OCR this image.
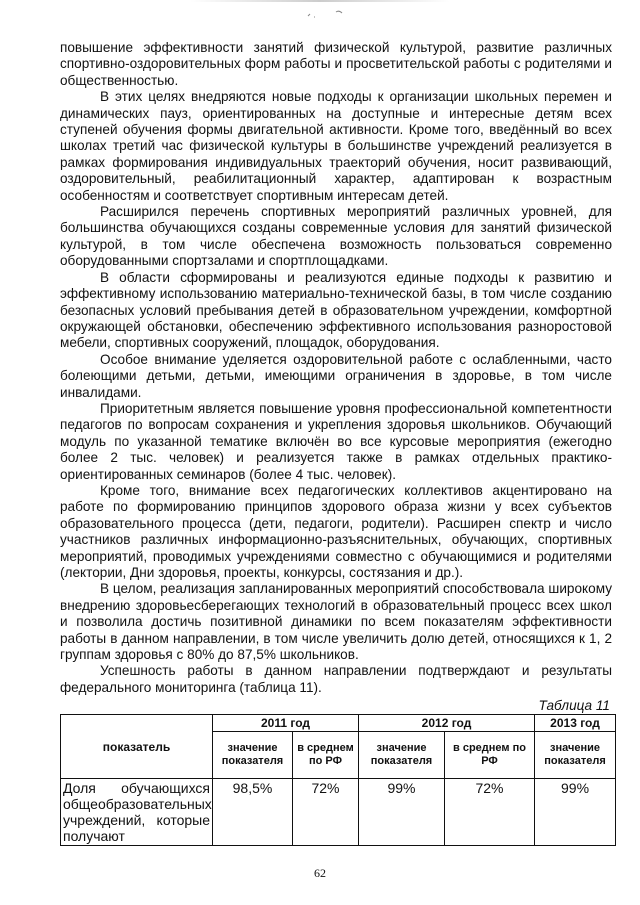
повышение эффективности занятий физической культурой, развитие различных спортивно-оздоровительных форм работы и просветительской работы с родителями и общественностью.

В этих целях внедряются новые подходы к организации школьных перемен и динамических пауз, ориентированных на доступные и интересные детям всех ступеней обучения формы двигательной активности. Кроме того, введённый во всех школах третий час физической культуры в большинстве учреждений реализуется в рамках формирования индивидуальных траекторий обучения, носит развивающий, оздоровительный, реабилитационный характер, адаптирован к возрастным особенностям и соответствует спортивным интересам детей.

Расширился перечень спортивных мероприятий различных уровней, для большинства обучающихся созданы современные условия для занятий физической культурой, в том числе обеспечена возможность пользоваться современно оборудованными спортзалами и спортплощадками.

В области сформированы и реализуются единые подходы к развитию и эффективному использованию материально-технической базы, в том числе созданию безопасных условий пребывания детей в образовательном учреждении, комфортной окружающей обстановки, обеспечению эффективного использования разноростовой мебели, спортивных сооружений, площадок, оборудования.

Особое внимание уделяется оздоровительной работе с ослабленными, часто болеющими детьми, детьми, имеющими ограничения в здоровье, в том числе инвалидами.

Приоритетным является повышение уровня профессиональной компетентности педагогов по вопросам сохранения и укрепления здоровья школьников. Обучающий модуль по указанной тематике включён во все курсовые мероприятия (ежегодно более 2 тыс. человек) и реализуется также в рамках отдельных практико-ориентированных семинаров (более 4 тыс. человек).

Кроме того, внимание всех педагогических коллективов акцентировано на работе по формированию принципов здорового образа жизни у всех субъектов образовательного процесса (дети, педагоги, родители). Расширен спектр и число участников различных информационно-разъяснительных, обучающих, спортивных мероприятий, проводимых учреждениями совместно с обучающимися и родителями (лектории, Дни здоровья, проекты, конкурсы, состязания и др.).

В целом, реализация запланированных мероприятий способствовала широкому внедрению здоровьесберегающих технологий в образовательный процесс всех школ и позволила достичь позитивной динамики по всем показателям эффективности работы в данном направлении, в том числе увеличить долю детей, относящихся к 1, 2 группам здоровья с 80% до 87,5% школьников.

Успешность работы в данном направлении подтверждают и результаты федерального мониторинга (таблица 11).

Таблица 11
показатель	2011 год		2012 год		2013 год
	значение показателя	в среднем по РФ	значение показателя	в среднем по РФ	значение показателя
Доля обучающихся общеобразовательных учреждений, которые получают	98,5%	72%	99%	72%	99%
62
